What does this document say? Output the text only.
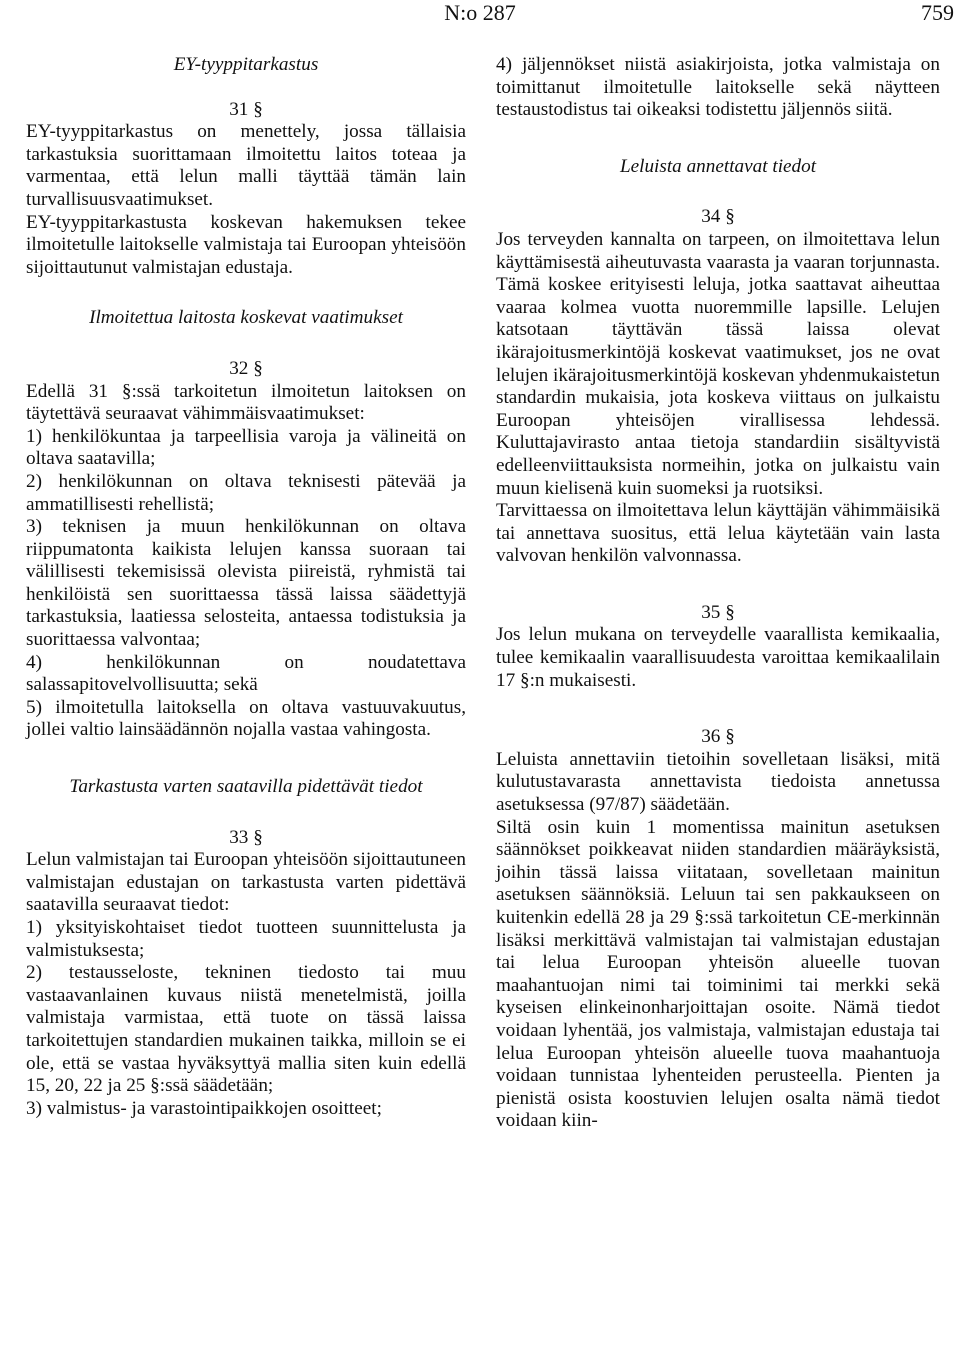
N:o 287	759

EY-tyyppitarkastus

31 §

EY-tyyppitarkastus on menettely, jossa tällaisia tarkastuksia suorittamaan ilmoitettu laitos toteaa ja varmentaa, että lelun malli täyttää tämän lain turvallisuusvaatimukset.

EY-tyyppitarkastusta koskevan hakemuksen tekee ilmoitetulle laitokselle valmistaja tai Euroopan yhteisöön sijoittautunut valmistajan edustaja.

Ilmoitettua laitosta koskevat vaatimukset

32 §

Edellä 31 §:ssä tarkoitetun ilmoitetun laitoksen on täytettävä seuraavat vähimmäisvaatimukset:

1) henkilökuntaa ja tarpeellisia varoja ja välineitä on oltava saatavilla;

2) henkilökunnan on oltava teknisesti pätevää ja ammatillisesti rehellistä;

3) teknisen ja muun henkilökunnan on oltava riippumatonta kaikista lelujen kanssa suoraan tai välillisesti tekemisissä olevista piireistä, ryhmistä tai henkilöistä sen suorittaessa tässä laissa säädettyjä tarkastuksia, laatiessa selosteita, antaessa todistuksia ja suorittaessa valvontaa;

4) henkilökunnan on noudatettava salassapitovelvollisuutta; sekä

5) ilmoitetulla laitoksella on oltava vastuuvakuutus, jollei valtio lainsäädännön nojalla vastaa vahingosta.

Tarkastusta varten saatavilla pidettävät tiedot

33 §

Lelun valmistajan tai Euroopan yhteisöön sijoittautuneen valmistajan edustajan on tarkastusta varten pidettävä saatavilla seuraavat tiedot:

1) yksityiskohtaiset tiedot tuotteen suunnittelusta ja valmistuksesta;

2) testausseloste, tekninen tiedosto tai muu vastaavanlainen kuvaus niistä menetelmistä, joilla valmistaja varmistaa, että tuote on tässä laissa tarkoitettujen standardien mukainen taikka, milloin se ei ole, että se vastaa hyväksyttyä mallia siten kuin edellä 15, 20, 22 ja 25 §:ssä säädetään;

3) valmistus- ja varastointipaikkojen osoitteet;

4) jäljennökset niistä asiakirjoista, jotka valmistaja on toimittanut ilmoitetulle laitokselle sekä näytteen testaustodistus tai oikeaksi todistettu jäljennös siitä.

Leluista annettavat tiedot

34 §

Jos terveyden kannalta on tarpeen, on ilmoitettava lelun käyttämisestä aiheutuvasta vaarasta ja vaaran torjunnasta. Tämä koskee erityisesti leluja, jotka saattavat aiheuttaa vaaraa kolmea vuotta nuoremmille lapsille. Lelujen katsotaan täyttävän tässä laissa olevat ikärajoitusmerkintöjä koskevat vaatimukset, jos ne ovat lelujen ikärajoitusmerkintöjä koskevan yhdenmukaistetun standardin mukaisia, jota koskeva viittaus on julkaistu Euroopan yhteisöjen virallisessa lehdessä. Kuluttajavirasto antaa tietoja standardiin sisältyvistä edelleenviittauksista normeihin, jotka on julkaistu vain muun kielisenä kuin suomeksi ja ruotsiksi.

Tarvittaessa on ilmoitettava lelun käyttäjän vähimmäisikä tai annettava suositus, että lelua käytetään vain lasta valvovan henkilön valvonnassa.

35 §

Jos lelun mukana on terveydelle vaarallista kemikaalia, tulee kemikaalin vaarallisuudesta varoittaa kemikaalilain 17 §:n mukaisesti.

36 §

Leluista annettaviin tietoihin sovelletaan lisäksi, mitä kulutustavarasta annettavista tiedoista annetussa asetuksessa (97/87) säädetään.

Siltä osin kuin 1 momentissa mainitun asetuksen säännökset poikkeavat niiden standardien määräyksistä, joihin tässä laissa viitataan, sovelletaan mainitun asetuksen säännöksiä. Leluun tai sen pakkaukseen on kuitenkin edellä 28 ja 29 §:ssä tarkoitetun CE-merkinnän lisäksi merkittävä valmistajan tai valmistajan edustajan tai lelua Euroopan yhteisön alueelle tuovan maahantuojan nimi tai toiminimi tai merkki sekä kyseisen elinkeinonharjoittajan osoite. Nämä tiedot voidaan lyhentää, jos valmistaja, valmistajan edustaja tai lelua Euroopan yhteisön alueelle tuova maahantuoja voidaan tunnistaa lyhenteiden perusteella. Pienten ja pienistä osista koostuvien lelujen osalta nämä tiedot voidaan kiin-
